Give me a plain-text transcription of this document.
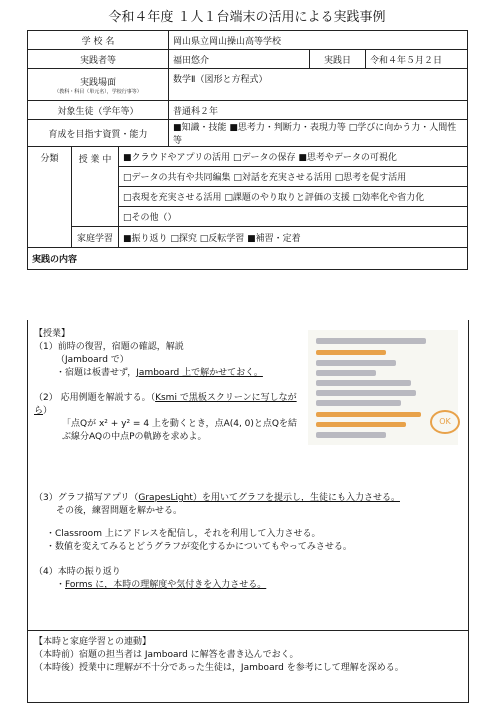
令和４年度 １人１台端末の活用による実践事例
学 校 名			岡山県立岡山操山高等学校		
実践者等			福田悠介	実践日	令和４年５月２日
実践場面
（教科・科目（単元名），学校行事等）			数学Ⅱ（図形と方程式）		
対象生徒（学年等）			普通科２年		
育成を目指す資質・能力			■知識・技能 ■思考力・判断力・表現力等 □学びに向かう力・人間性等		
分類	授 業 中	■クラウドやアプリの活用 □データの保存 ■思考やデータの可視化			
		□データの共有や共同編集 □対話を充実させる活用 □思考を促す活用			
		□表現を充実させる活用 □課題のやり取りと評価の支援 □効率化や省力化			
		□その他（）			
	家庭学習	■振り返り □探究 □反転学習 ■補習・定着			
実践の内容					

【授業】

（1）前時の復習，宿題の確認，解説

（Jamboard で）

・宿題は板書せず，Jamboard 上で解かせておく。

（2） 応用例題を解説する。（Ksmi で黒板スクリーンに写しながら）

「点Qが x² + y² = 4 上を動くとき，点A(4, 0)と点Qを結ぶ線分AQの中点Pの軌跡を求めよ。

OK

（3）グラフ描写アプリ（GrapesLight）を用いてグラフを提示し，生徒にも入力させる。

その後，練習問題を解かせる。

・Classroom 上にアドレスを配信し，それを利用して入力させる。

・数値を変えてみるとどうグラフが変化するかについてもやってみさせる。

（4）本時の振り返り

・Forms に，本時の理解度や気付きを入力させる。

【本時と家庭学習との連動】

（本時前）宿題の担当者は Jamboard に解答を書き込んでおく。

（本時後）授業中に理解が不十分であった生徒は，Jamboard を参考にして理解を深める。
